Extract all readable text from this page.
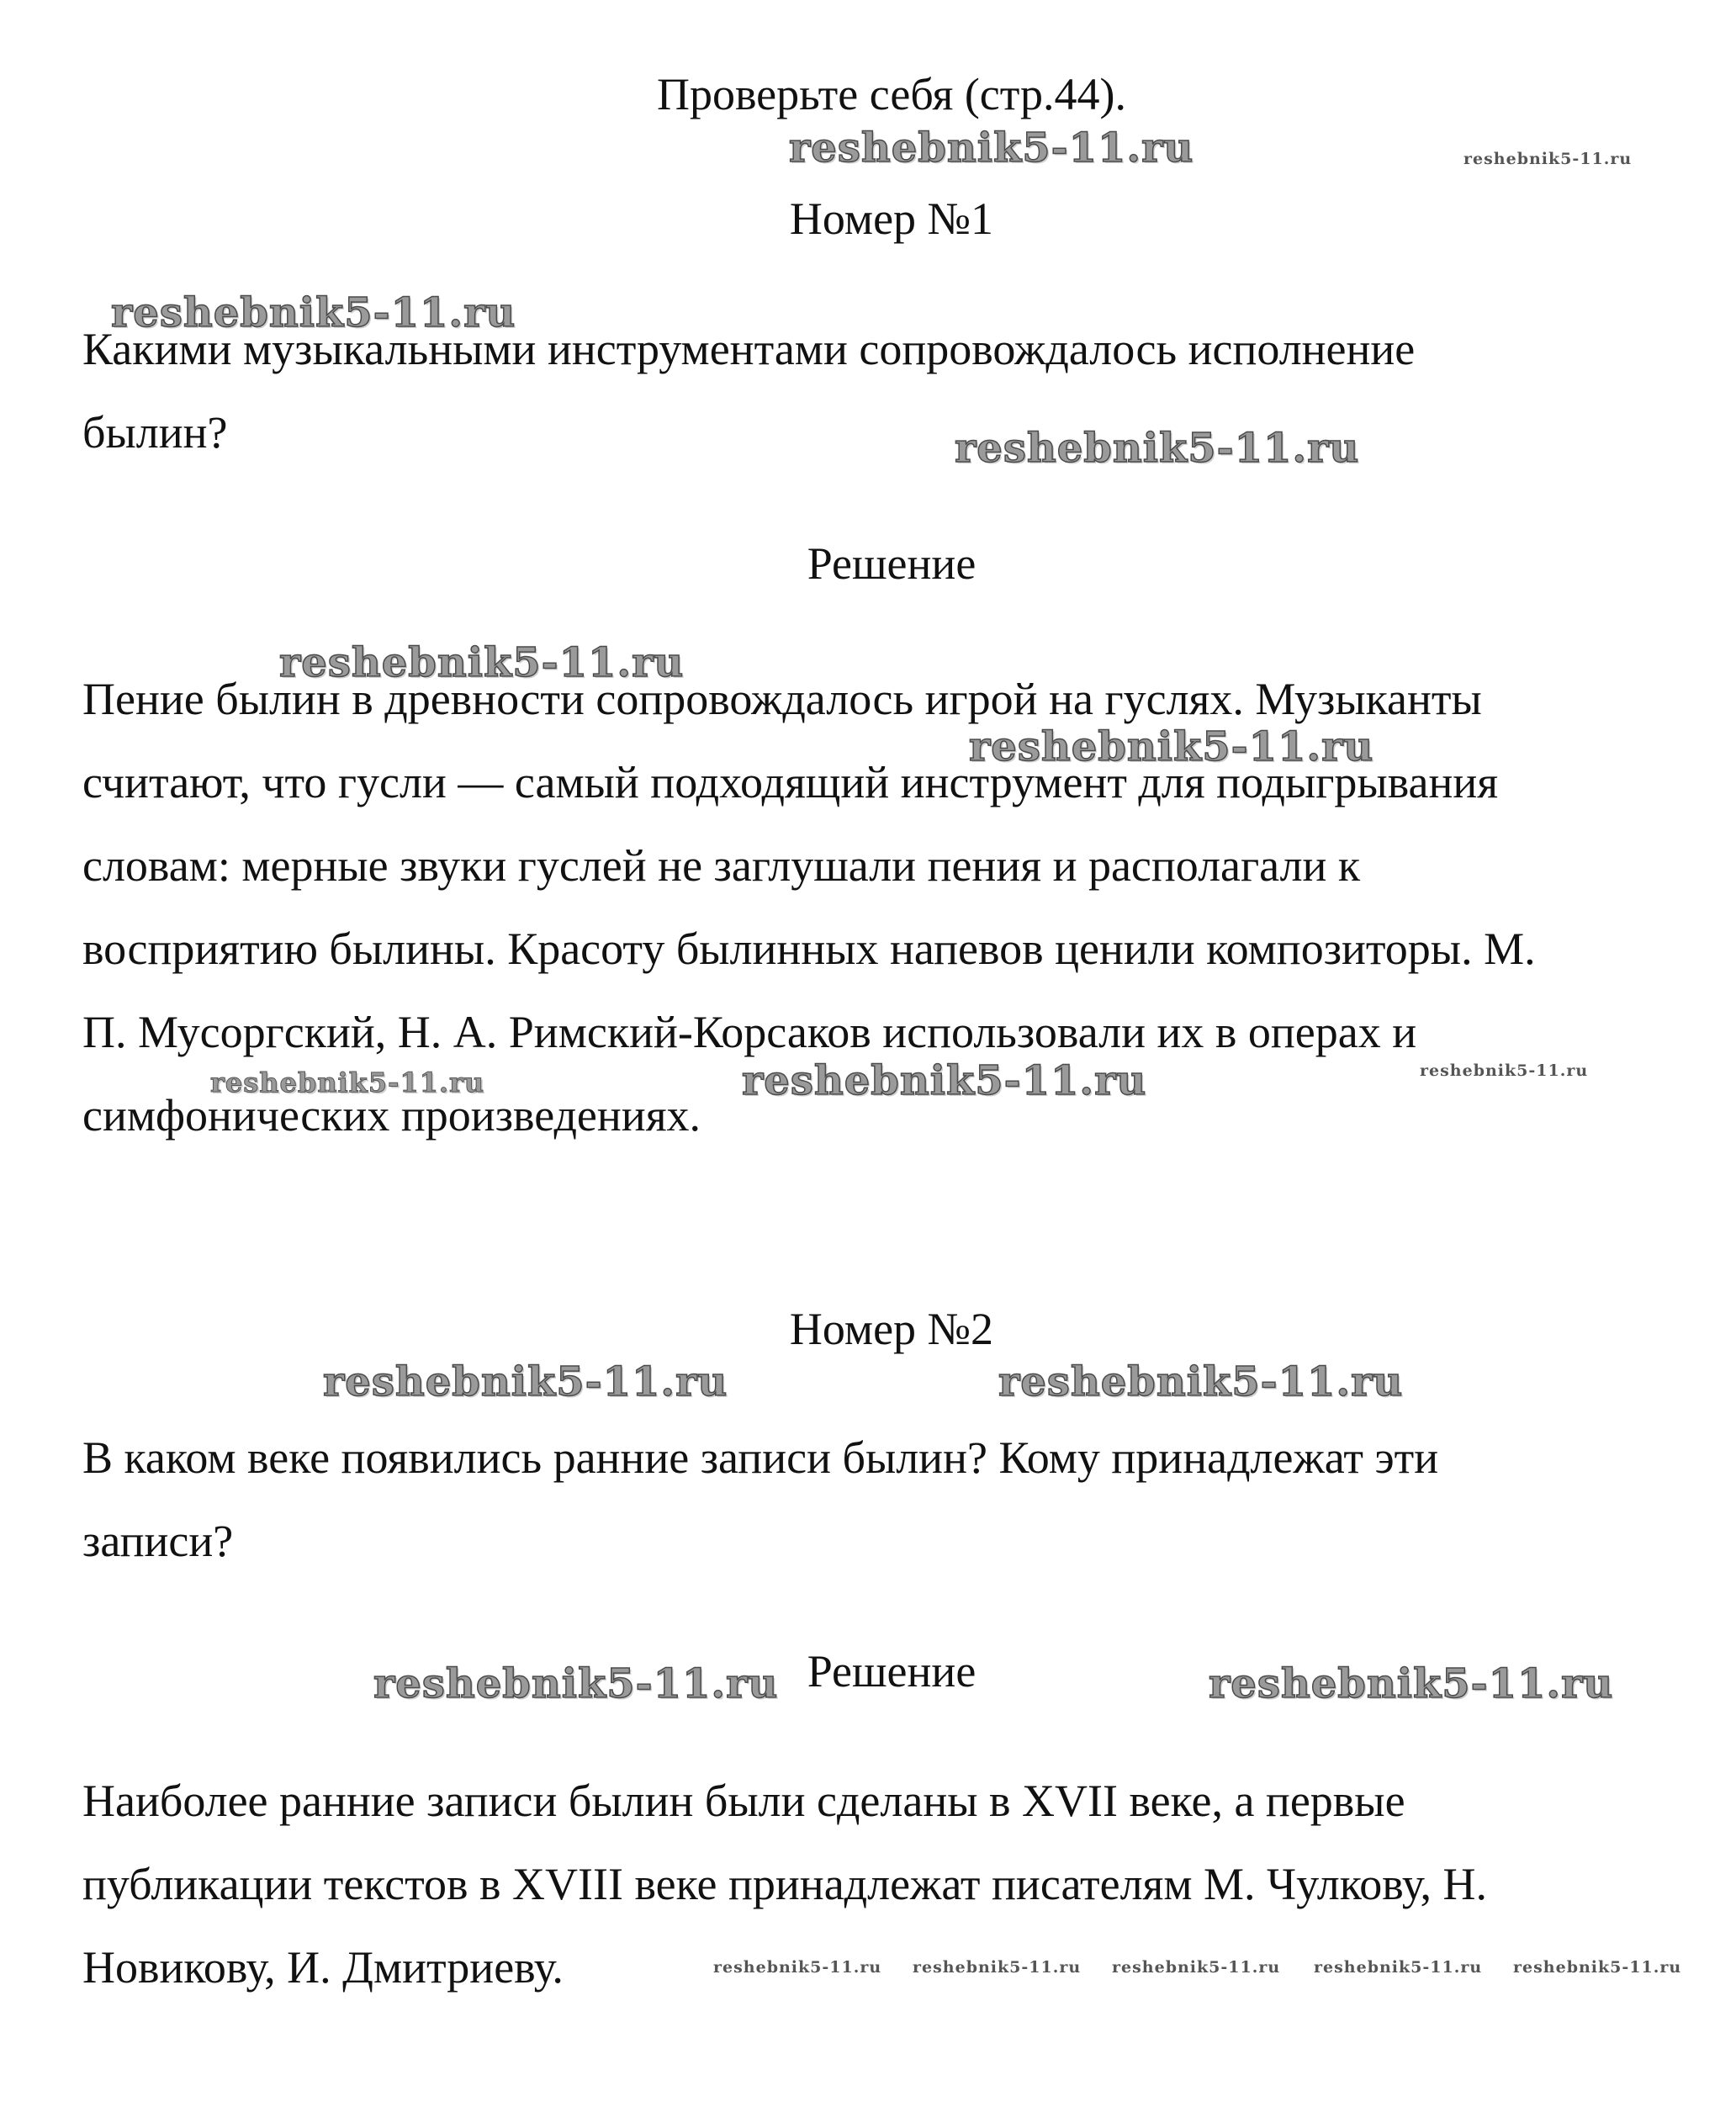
Проверьте себя (стр.44).
Номер №1
Какими музыкальными инструментами сопровождалось исполнение
былин?
Решение
Пение былин в древности сопровождалось игрой на гуслях. Музыканты
считают, что гусли — самый подходящий инструмент для подыгрывания
словам: мерные звуки гуслей не заглушали пения и располагали к
восприятию былины. Красоту былинных напевов ценили композиторы. М.
П. Мусоргский, Н. А. Римский-Корсаков использовали их в операх и
симфонических произведениях.
Номер №2
В каком веке появились ранние записи былин? Кому принадлежат эти
записи?
Решение
Наиболее ранние записи былин были сделаны в XVII веке, а первые
публикации текстов в XVIII веке принадлежат писателям М. Чулкову, Н.
Новикову, И. Дмитриеву.
reshebnik5-11.ru	reshebnik5-11.ru
reshebnik5-11.ru
reshebnik5-11.ru
reshebnik5-11.ru
reshebnik5-11.ru
reshebnik5-11.ru	reshebnik5-11.ru	reshebnik5-11.ru
reshebnik5-11.ru	reshebnik5-11.ru
reshebnik5-11.ru	reshebnik5-11.ru
reshebnik5-11.ru reshebnik5-11.ru reshebnik5-11.ru reshebnik5-11.ru reshebnik5-11.ru
